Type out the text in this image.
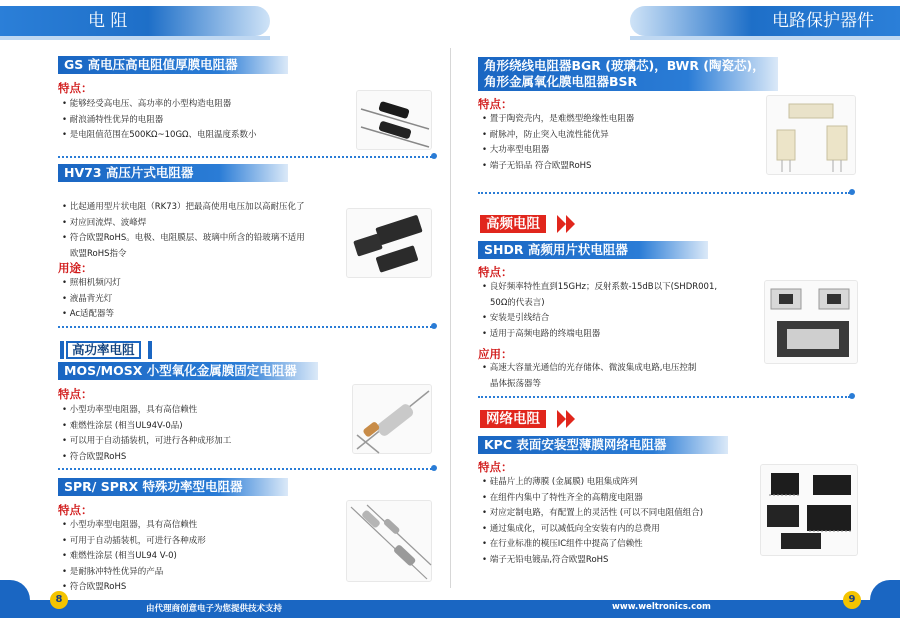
电 阻	电路保护器件
GS 高电压高电阻值厚膜电阻器
特点：
• 能够经受高电压、高功率的小型构造电阻器
• 耐浪涌特性优异的电阻器
• 是电阻值范围在500KΩ~10GΩ、电阻温度系数小
HV73 高压片式电阻器
• 比起通用型片状电阻（RK73）把最高使用电压加以高耐压化了
• 对应回流焊、波峰焊
• 符合欧盟RoHS。电极、电阻膜层、玻璃中所含的铅玻璃不适用
欧盟RoHS指令
用途：
• 照相机频闪灯
• 液晶背光灯
• Ac适配器等
高功率电阻
MOS/MOSX 小型氧化金属膜固定电阻器
特点：
• 小型功率型电阻器，具有高信赖性
• 难燃性涂层 (相当UL94V-0品)
• 可以用于自动插装机，可进行各种成形加工
• 符合欧盟RoHS
SPR/ SPRX 特殊功率型电阻器
特点：
• 小型功率型电阻器，具有高信赖性
• 可用于自动插装机，可进行各种成形
• 难燃性涂层 (相当UL94 V-0)
• 是耐脉冲特性优异的产品
• 符合欧盟RoHS
角形绕线电阻器BGR (玻璃芯)，BWR (陶瓷芯)，
角形金属氧化膜电阻器BSR
特点：
• 置于陶瓷壳内，是难燃型绝缘性电阻器
• 耐脉冲，防止突入电流性能优异
• 大功率型电阻器
• 端子无铅品 符合欧盟RoHS
高频电阻
SHDR 高频用片状电阻器
特点：
• 良好频率特性直到15GHz；反射系数-15dB以下(SHDR001,
50Ω的代表言)
• 安装是引线结合
• 适用于高频电路的终端电阻器
应用：
• 高速大容量光通信的光存储体、微波集成电路,电压控制
晶体振荡器等
网络电阻
KPC 表面安装型薄膜网络电阻器
特点：
• 硅晶片上的薄膜 (金属膜) 电阻集成阵列
• 在组件内集中了特性齐全的高精度电阻器
• 对应定制电路，有配置上的灵活性 (可以不同电阻值组合)
• 通过集成化，可以减低向全安装有内的总费用
• 在行业标准的模压IC组件中提高了信赖性
• 端子无铅电镀品,符合欧盟RoHS
由代理商创意电子为您提供技术支持	www.weltronics.com
8	9
